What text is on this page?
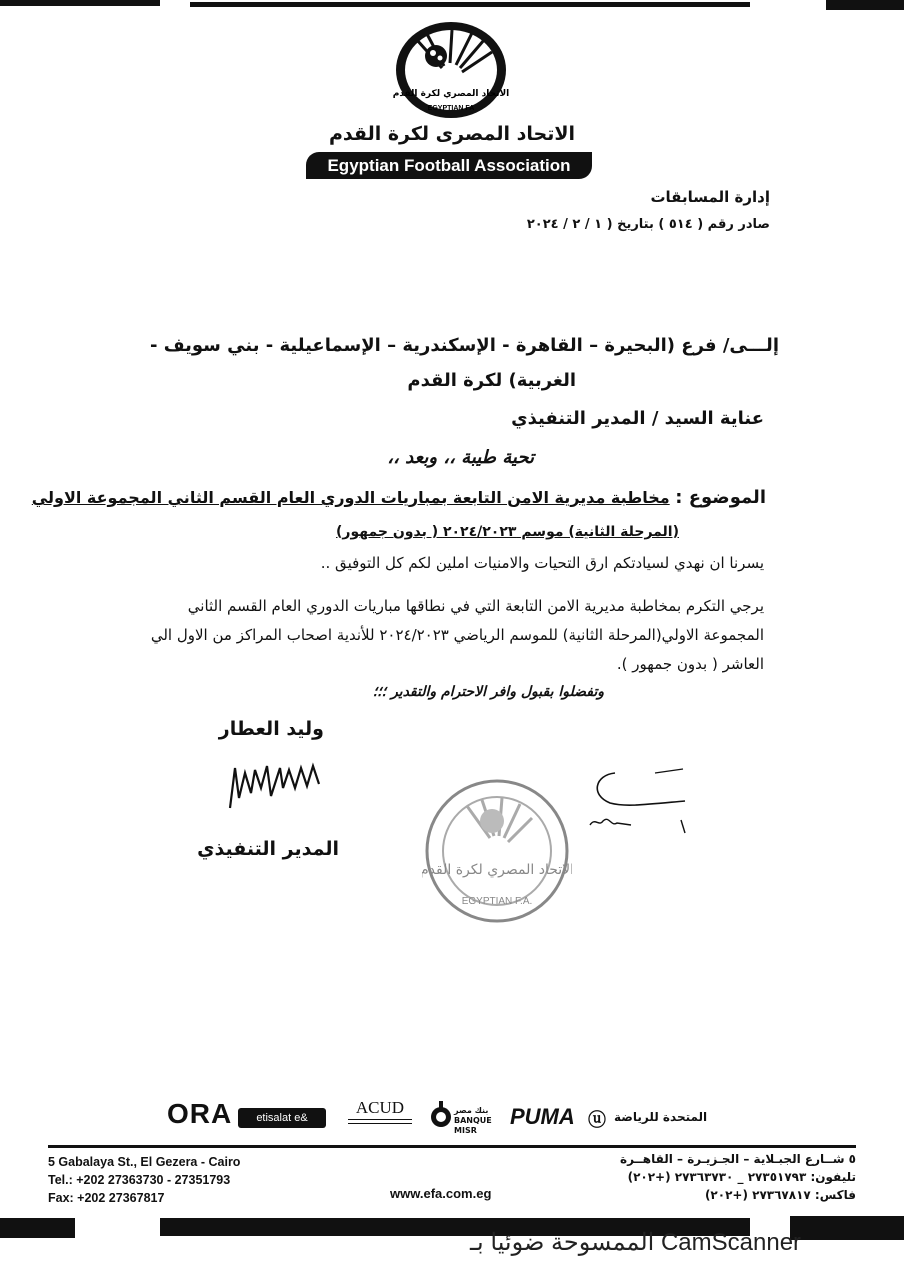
الاتحاد المصري لكرة القدم
EGYPTIAN FA
الاتحاد المصرى لكرة القدم
Egyptian Football Association
إدارة المسابقات
صادر رقم ( ٥١٤ ) بتاريخ ( ١ / ٢ / ٢٠٢٤
إلـــى/ فرع (البحيرة – القاهرة - الإسكندرية – الإسماعيلية - بني سويف -
الغربية) لكرة القدم
عناية السيد / المدير التنفيذي
تحية طيبة ،، وبعد ،،
الموضوع : مخاطبة مديرية الامن التابعة بمباريات الدوري العام القسم الثاني المجموعة الاولي
(المرحلة الثانية) موسم ٢٠٢٤/٢٠٢٣ ( بدون جمهور)
يسرنا ان نهدي لسيادتكم ارق التحيات والامنيات املين لكم كل التوفيق ..
يرجي التكرم بمخاطبة مديرية الامن التابعة التي في نطاقها مباريات الدوري العام القسم الثاني المجموعة الاولي(المرحلة الثانية) للموسم الرياضي ٢٠٢٤/٢٠٢٣ للأندية اصحاب المراكز من الاول الي العاشر ( بدون جمهور ).
وتفضلوا بقبول وافر الاحترام والتقدير ؛؛؛
وليد العطار
المدير التنفيذي
الاتحاد المصري لكرة القدم
EGYPTIAN F.A.
ORA	etisalat e&
ACUD	بنك مصر BANQUE MISR
PUMA ⓤ المتحدة للرياضة
5 Gabalaya St., El Gezera - Cairo
Tel.: +202 27363730 - 27351793
Fax: +202 27367817	www.efa.com.eg
٥ شــارع الجبـلاية – الجـزيـرة – القاهــرة
تليفون: ٢٧٣٥١٧٩٣ _ ٢٧٣٦٣٧٣٠ (+٢٠٢)
فاكس: ٢٧٣٦٧٨١٧ (+٢٠٢)
CamScanner الممسوحة ضوئيا بـ
